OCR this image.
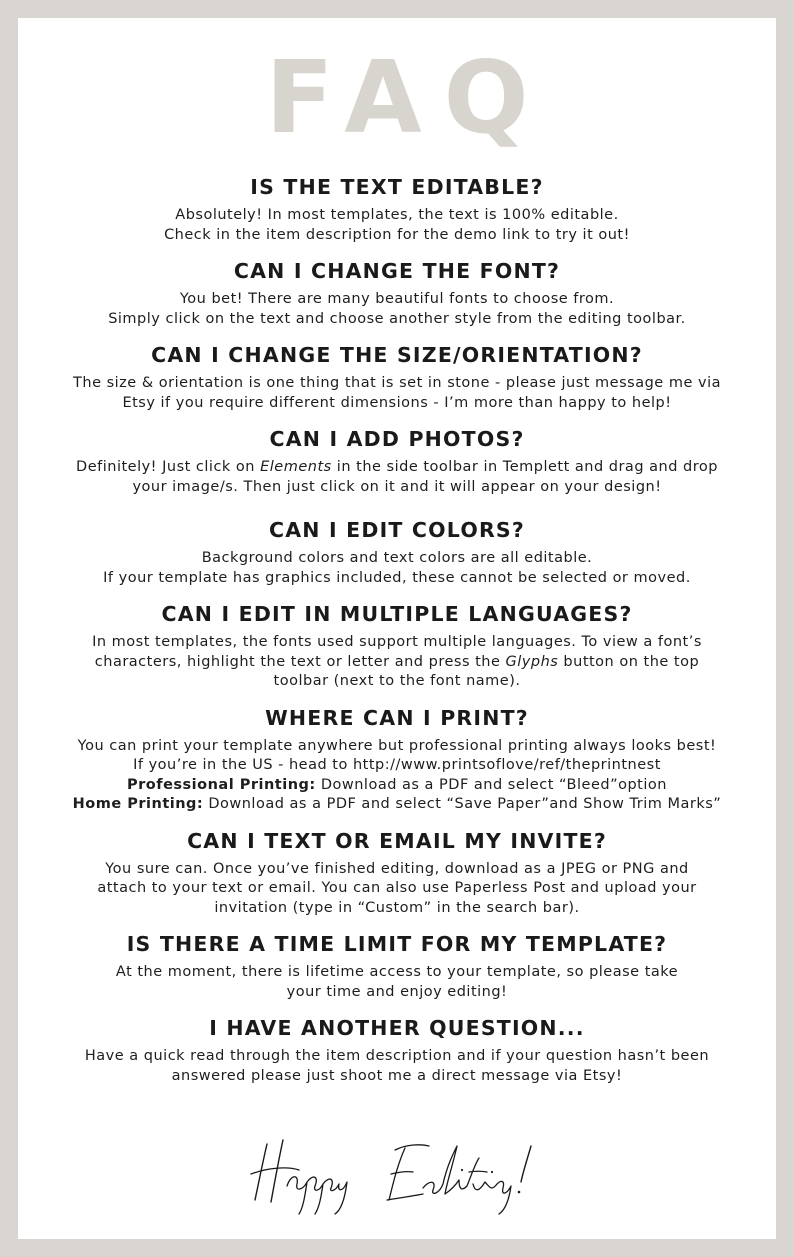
FAQ

IS THE TEXT EDITABLE?

Absolutely! In most templates, the text is 100% editable.
Check in the item description for the demo link to try it out!

CAN I CHANGE THE FONT?

You bet! There are many beautiful fonts to choose from.
Simply click on the text and choose another style from the editing toolbar.

CAN I CHANGE THE SIZE/ORIENTATION?

The size & orientation is one thing that is set in stone - please just message me via
Etsy if you require different dimensions - I’m more than happy to help!

CAN I ADD PHOTOS?

Definitely! Just click on Elements in the side toolbar in Templett and drag and drop
your image/s. Then just click on it and it will appear on your design!

CAN I EDIT COLORS?

Background colors and text colors are all editable.
If your template has graphics included, these cannot be selected or moved.

CAN I EDIT IN MULTIPLE LANGUAGES?

In most templates, the fonts used support multiple languages. To view a font’s
characters, highlight the text or letter and press the Glyphs button on the top
toolbar (next to the font name).

WHERE CAN I PRINT?

You can print your template anywhere but professional printing always looks best!
If you’re in the US - head to http://www.printsoflove/ref/theprintnest
Professional Printing: Download as a PDF and select “Bleed”option
Home Printing: Download as a PDF and select “Save Paper”and Show Trim Marks”

CAN I TEXT OR EMAIL MY INVITE?

You sure can. Once you’ve finished editing, download as a JPEG or PNG and
attach to your text or email. You can also use Paperless Post and upload your
invitation (type in “Custom” in the search bar).

IS THERE A TIME LIMIT FOR MY TEMPLATE?

At the moment, there is lifetime access to your template, so please take
your time and enjoy editing!

I HAVE ANOTHER QUESTION...

Have a quick read through the item description and if your question hasn’t been
answered please just shoot me a direct message via Etsy!
